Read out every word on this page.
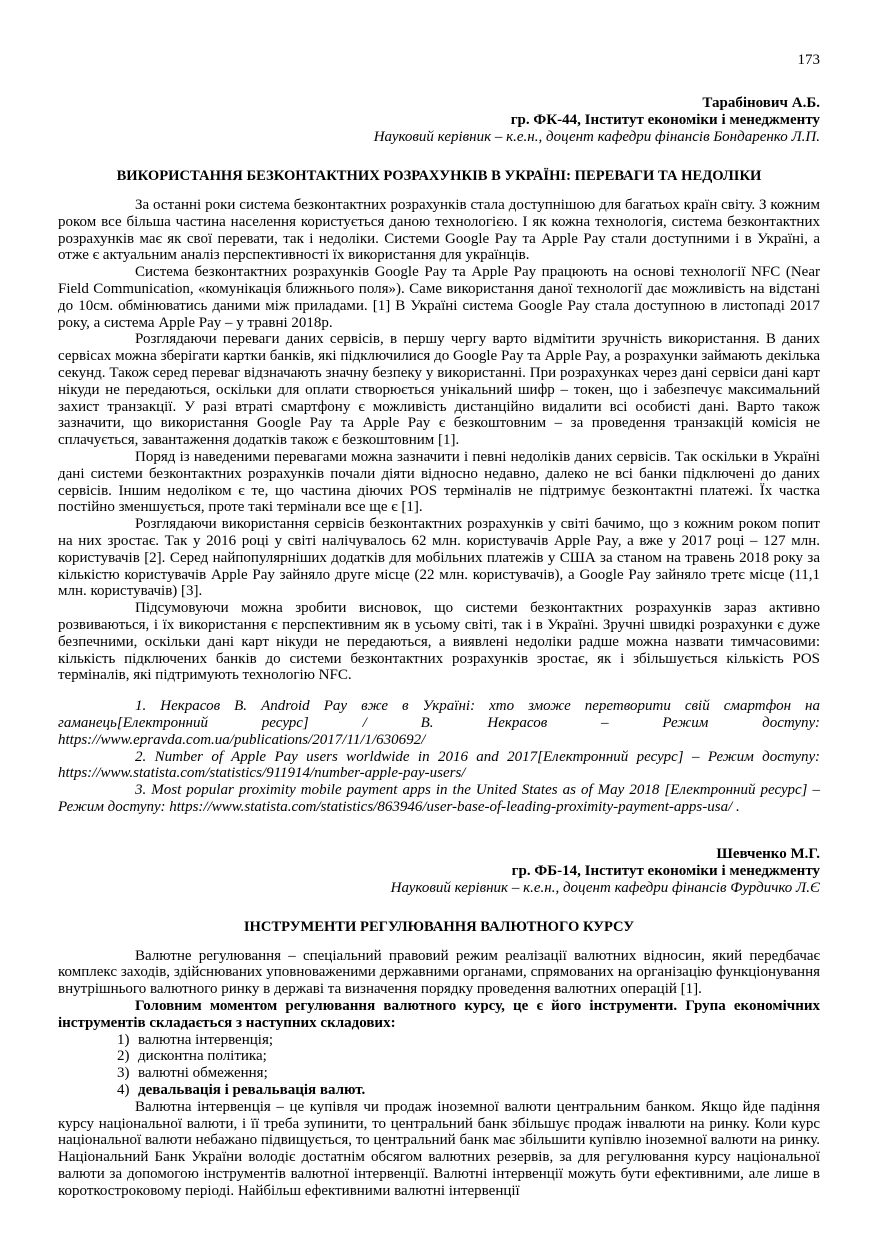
173
Тарабінович А.Б.
гр. ФК-44, Інститут економіки і менеджменту
Науковий керівник – к.е.н., доцент кафедри фінансів Бондаренко Л.П.
ВИКОРИСТАННЯ БЕЗКОНТАКТНИХ РОЗРАХУНКІВ В УКРАЇНІ: ПЕРЕВАГИ ТА НЕДОЛІКИ

За останні роки система безконтактних розрахунків стала доступнішою для багатьох країн світу. З кожним роком все більша частина населення користується даною технологією. І як кожна технологія, система безконтактних розрахунків має як свої перевати, так і недоліки. Системи Google Pay та Apple Pay стали доступними і в Україні, а отже є актуальним аналіз перспективності їх використання для українців.

Система безконтактних розрахунків Google Pay та Apple Pay працюють на основі технології NFC (Near Field Communication, «комунікація ближнього поля»). Саме використання даної технології дає можливість на відстані до 10см. обмінюватись даними між приладами. [1] В Україні система Google Pay стала доступною в листопаді 2017 року, а система Apple Pay – у травні 2018р.

Розглядаючи переваги даних сервісів, в першу чергу варто відмітити зручність використання. В даних сервісах можна зберігати картки банків, які підключилися до Google Pay та Apple Pay, а розрахунки займають декілька секунд. Також серед переваг відзначають значну безпеку у використанні. При розрахунках через дані сервіси дані карт нікуди не передаються, оскільки для оплати створюється унікальний шифр – токен, що і забезпечує максимальний захист транзакції. У разі втраті смартфону є можливість дистанційно видалити всі особисті дані. Варто також зазначити, що використання Google Pay та Apple Pay є безкоштовним – за проведення транзакцій комісія не сплачується, завантаження додатків також є безкоштовним [1].

Поряд із наведеними перевагами можна зазначити і певні недоліків даних сервісів. Так оскільки в Україні дані системи безконтактних розрахунків почали діяти відносно недавно, далеко не всі банки підключені до даних сервісів. Іншим недоліком є те, що частина діючих POS терміналів не підтримує безконтактні платежі. Їх частка постійно зменшується, проте такі термінали все ще є [1].

Розглядаючи використання сервісів безконтактних розрахунків у світі бачимо, що з кожним роком попит на них зростає. Так у 2016 році у світі налічувалось 62 млн. користувачів Apple Pay, а вже у 2017 році – 127 млн. користувачів [2]. Серед найпопулярніших додатків для мобільних платежів у США за станом на травень 2018 року за кількістю користувачів Apple Pay зайняло друге місце (22 млн. користувачів), а Google Pay зайняло третє місце (11,1 млн. користувачів) [3].

Підсумовуючи можна зробити висновок, що системи безконтактних розрахунків зараз активно розвиваються, і їх використання є перспективним як в усьому світі, так і в Україні. Зручні швидкі розрахунки є дуже безпечними, оскільки дані карт нікуди не передаються, а виявлені недоліки радше можна назвати тимчасовими: кількість підключених банків до системи безконтактних розрахунків зростає, як і збільшується кількість POS терміналів, які підтримують технологію NFC.

1. Некрасов В. Android Pay вже в Україні: хто зможе перетворити свій смартфон на гаманець[Електронний ресурс] / В. Некрасов – Режим доступу: https://www.epravda.com.ua/publications/2017/11/1/630692/

2. Number of Apple Pay users worldwide in 2016 and 2017[Електронний ресурс] – Режим доступу: https://www.statista.com/statistics/911914/number-apple-pay-users/

3. Most popular proximity mobile payment apps in the United States as of May 2018 [Електронний ресурс] – Режим доступу: https://www.statista.com/statistics/863946/user-base-of-leading-proximity-payment-apps-usa/ .

Шевченко М.Г.
гр. ФБ-14, Інститут економіки і менеджменту
Науковий керівник – к.е.н., доцент кафедри фінансів Фурдичко Л.Є
ІНСТРУМЕНТИ РЕГУЛЮВАННЯ ВАЛЮТНОГО КУРСУ

Валютне регулювання – спеціальний правовий режим реалізації валютних відносин, який передбачає комплекс заходів, здійснюваних уповноваженими державними органами, спрямованих на організацію функціонування внутрішнього валютного ринку в державі та визначення порядку проведення валютних операцій [1].

Головним моментом регулювання валютного курсу, це є його інструменти. Група економічних інструментів складається з наступних складових:

1) валютна інтервенція;
2) дисконтна політика;
3) валютні обмеження;
4) девальвація і ревальвація валют.

Валютна інтервенція – це купівля чи продаж іноземної валюти центральним банком. Якщо йде падіння курсу національної валюти, і її треба зупинити, то центральний банк збільшує продаж інвалюти на ринку. Коли курс національної валюти небажано підвищується, то центральний банк має збільшити купівлю іноземної валюти на ринку. Національний Банк України володіє достатнім обсягом валютних резервів, за для регулювання курсу національної валюти за допомогою інструментів валютної інтервенції. Валютні інтервенції можуть бути ефективними, але лише в короткостроковому періоді. Найбільш ефективними валютні інтервенції
